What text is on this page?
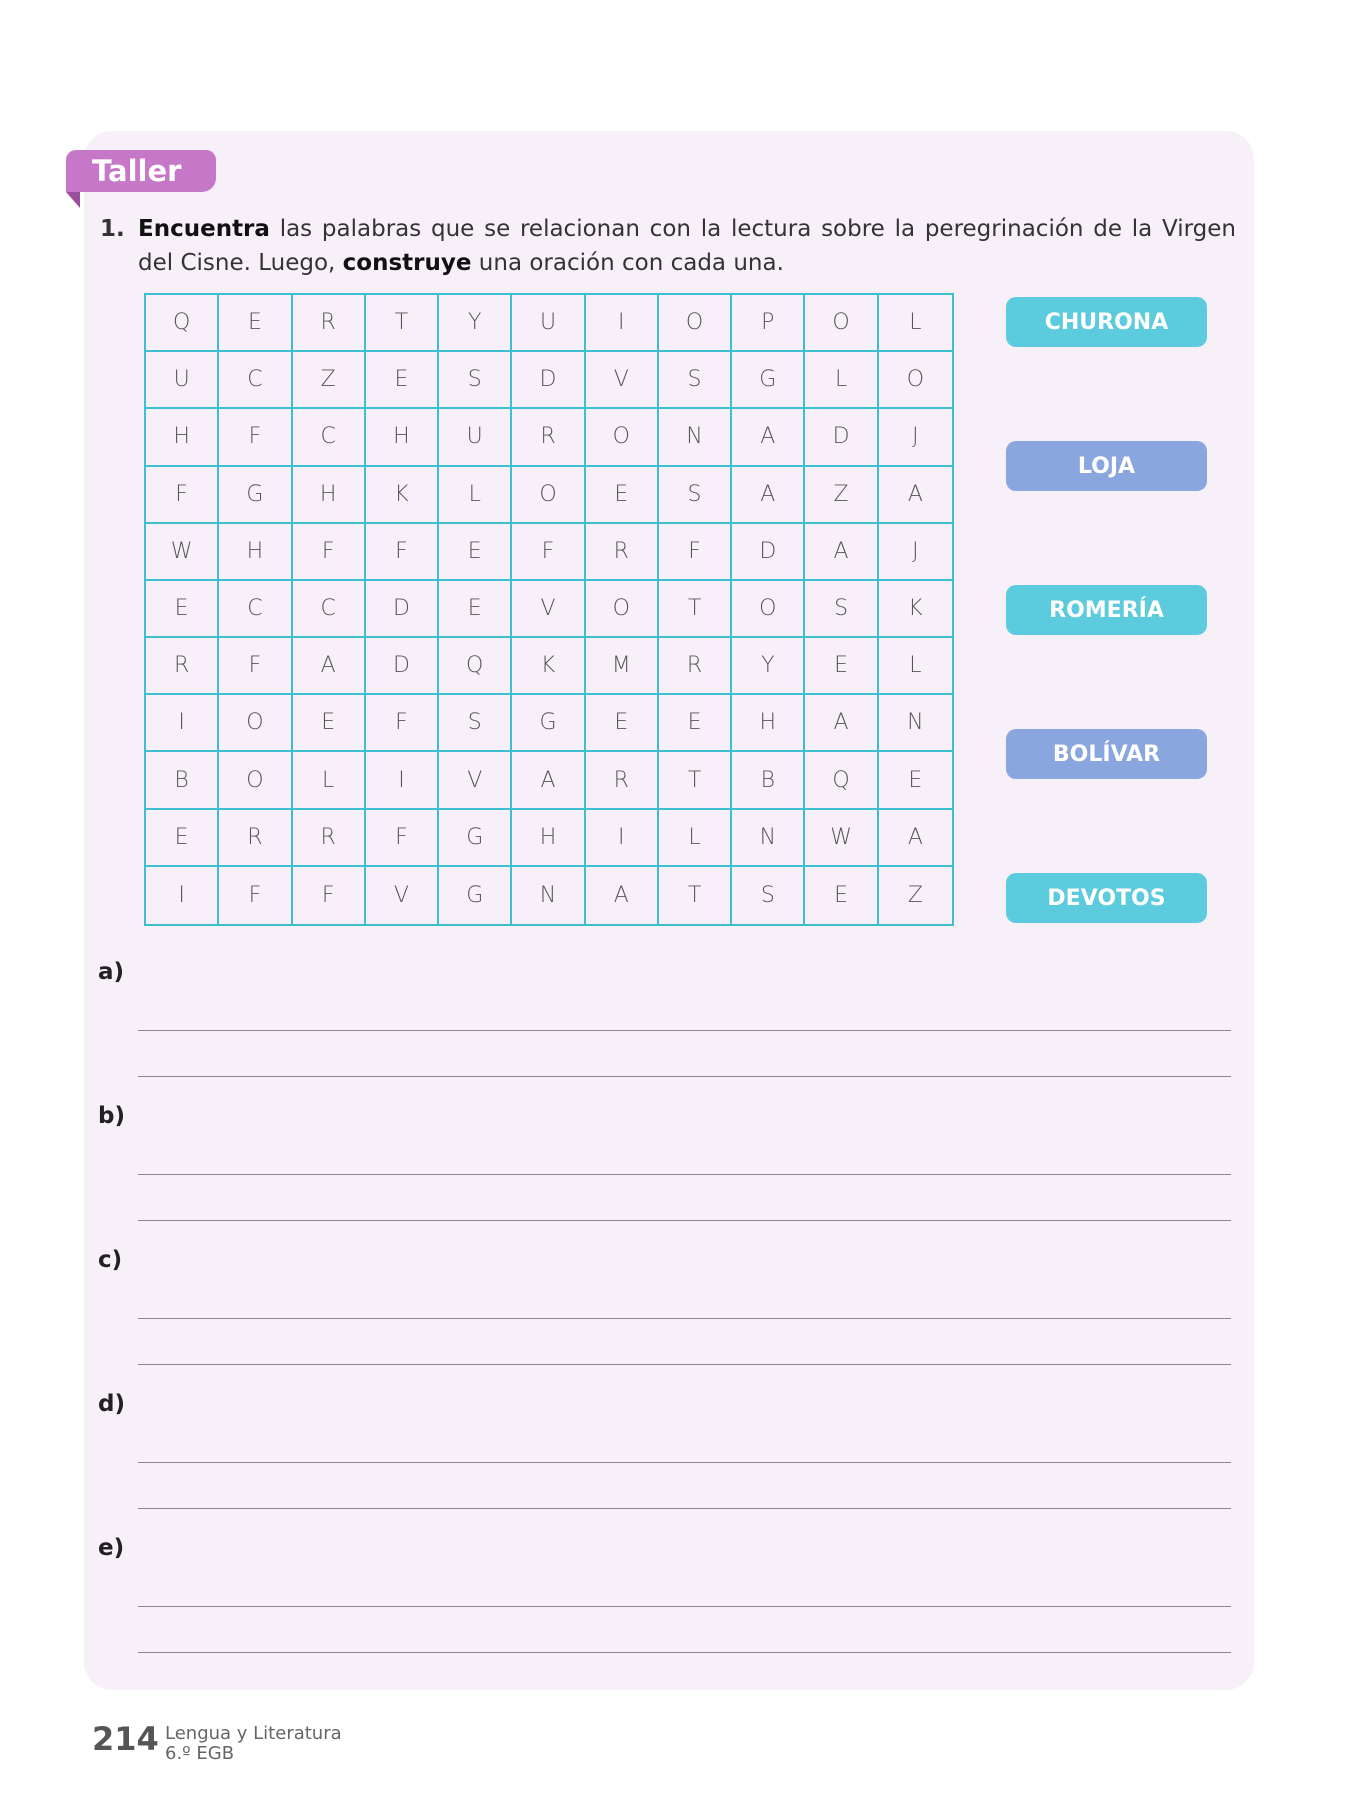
Taller
1. Encuentra las palabras que se relacionan con la lectura sobre la peregrinación de la Virgen del Cisne. Luego, construye una oración con cada una.
Q	E	R	T	Y	U	I	O	P	O	L
U	C	Z	E	S	D	V	S	G	L	O
H	F	C	H	U	R	O	N	A	D	J
F	G	H	K	L	O	E	S	A	Z	A
W	H	F	F	E	F	R	F	D	A	J
E	C	C	D	E	V	O	T	O	S	K
R	F	A	D	Q	K	M	R	Y	E	L
I	O	E	F	S	G	E	E	H	A	N
B	O	L	I	V	A	R	T	B	Q	E
E	R	R	F	G	H	I	L	N	W	A
I	F	F	V	G	N	A	T	S	E	Z
CHURONA
LOJA
ROMERÍA
BOLÍVAR
DEVOTOS
a)
b)
c)
d)
e)
214 Lengua y Literatura
6.º EGB
